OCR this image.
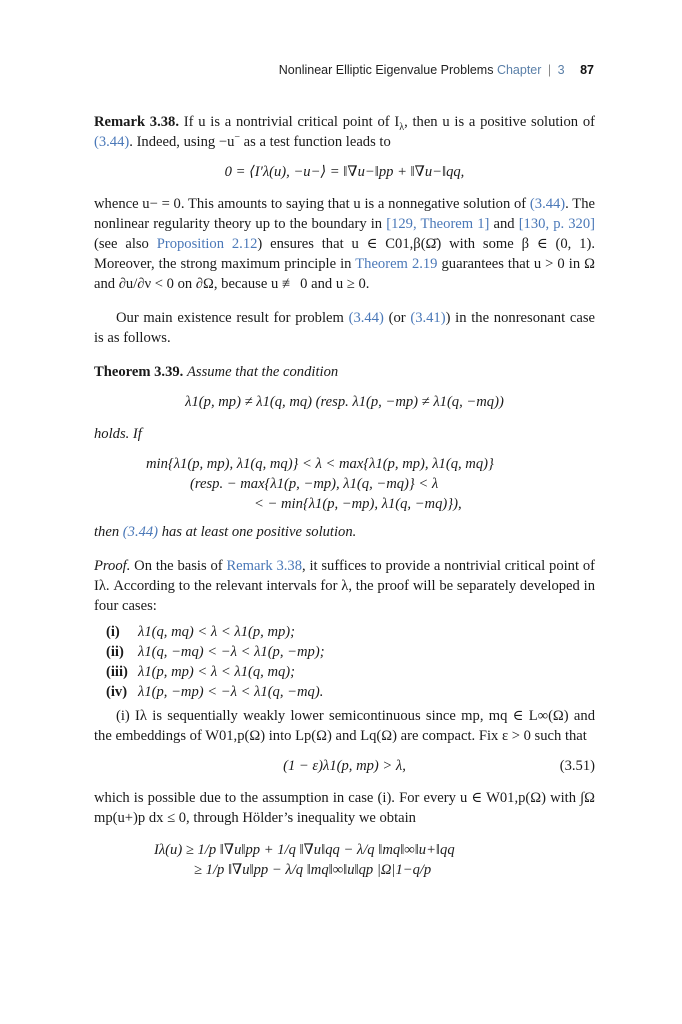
Nonlinear Elliptic Eigenvalue Problems Chapter | 3 87

Remark 3.38. If u is a nontrivial critical point of $I_\lambda$, then u is a positive solution of (3.44). Indeed, using −u− as a test function leads to

0 = ⟨I′λ(u), −u−⟩ = ‖∇u−‖pp + ‖∇u−‖qq,

whence u− = 0. This amounts to saying that u is a nonnegative solution of (3.44). The nonlinear regularity theory up to the boundary in [129, Theorem 1] and [130, p. 320] (see also Proposition 2.12) ensures that u ∈ C01,β(Ω̄) with some β ∈ (0, 1). Moreover, the strong maximum principle in Theorem 2.19 guarantees that u > 0 in Ω and ∂u/∂ν < 0 on ∂Ω, because u ≢ 0 and u ≥ 0.

Our main existence result for problem (3.44) (or (3.41)) in the nonresonant case is as follows.

Theorem 3.39. Assume that the condition

λ1(p, mp) ≠ λ1(q, mq) (resp. λ1(p, −mp) ≠ λ1(q, −mq))

holds. If

min{λ1(p, mp), λ1(q, mq)} < λ < max{λ1(p, mp), λ1(q, mq)}
(resp. − max{λ1(p, −mp), λ1(q, −mq)} < λ
< − min{λ1(p, −mp), λ1(q, −mq)}),

then (3.44) has at least one positive solution.

Proof. On the basis of Remark 3.38, it suffices to provide a nontrivial critical point of Iλ. According to the relevant intervals for λ, the proof will be separately developed in four cases:

(i) λ1(q, mq) < λ < λ1(p, mp);
(ii) λ1(q, −mq) < −λ < λ1(p, −mp);
(iii) λ1(p, mp) < λ < λ1(q, mq);
(iv) λ1(p, −mp) < −λ < λ1(q, −mq).

(i) Iλ is sequentially weakly lower semicontinuous since mp, mq ∈ L∞(Ω) and the embeddings of W01,p(Ω) into Lp(Ω) and Lq(Ω) are compact. Fix ε > 0 such that

(1 − ε)λ1(p, mp) > λ,	(3.51)

which is possible due to the assumption in case (i). For every u ∈ W01,p(Ω) with ∫Ω mp(u+)p dx ≤ 0, through Hölder’s inequality we obtain

Iλ(u) ≥ 1/p ‖∇u‖pp + 1/q ‖∇u‖qq − λ/q ‖mq‖∞‖u+‖qq
≥ 1/p ‖∇u‖pp − λ/q ‖mq‖∞‖u‖qp |Ω|1−q/p
